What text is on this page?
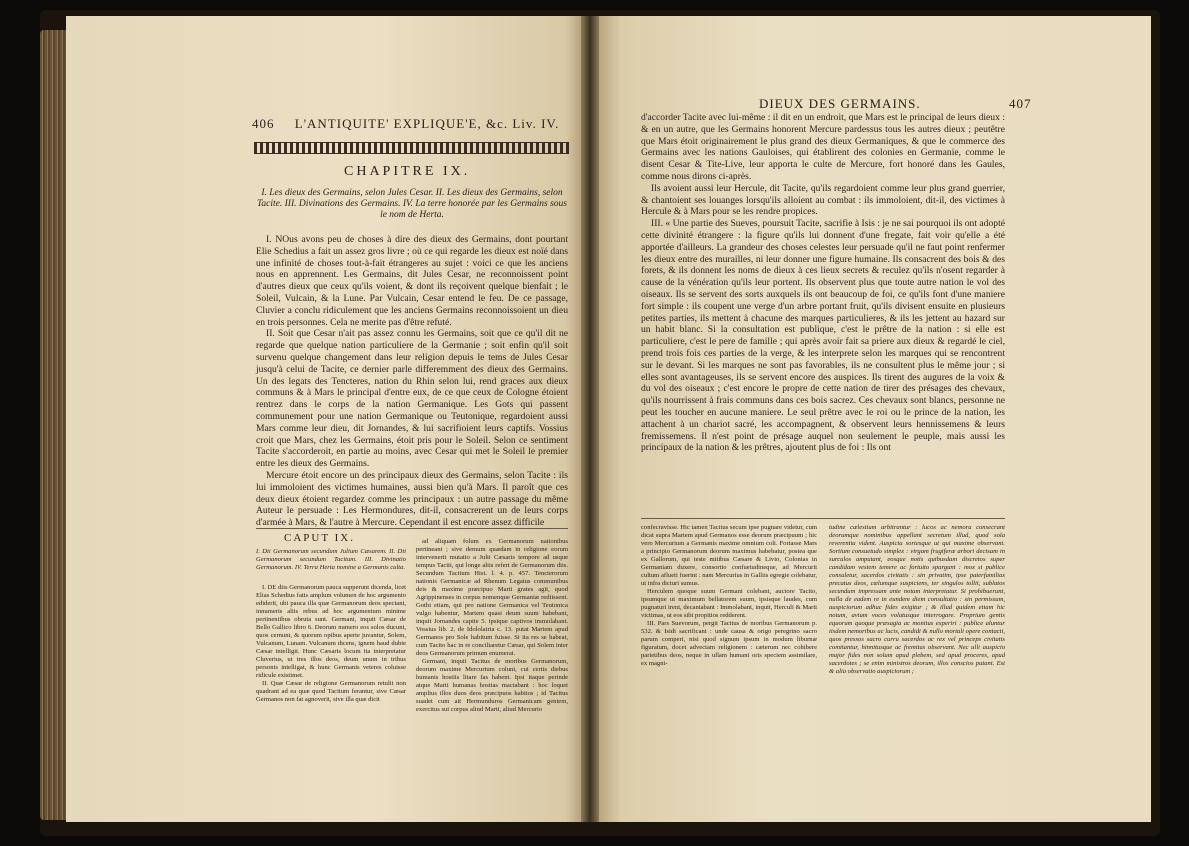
406 L'ANTIQUITE' EXPLIQUE'E, &c. Liv. IV.
CHAPITRE IX.
I. Les dieux des Germains, selon Jules Cesar. II. Les dieux des Germains, selon Tacite. III. Divinations des Germains. IV. La terre honorée par les Germains sous le nom de Herta.

I. NOus avons peu de choses à dire des dieux des Germains, dont pourtant Elie Schedius a fait un assez gros livre ; où ce qui regarde les dieux est noïé dans une infinité de choses tout-à-fait étrangeres au sujet : voici ce que les anciens nous en apprennent. Les Germains, dit Jules Cesar, ne reconnoissent point d'autres dieux que ceux qu'ils voient, & dont ils reçoivent quelque bienfait ; le Soleil, Vulcain, & la Lune. Par Vulcain, Cesar entend le feu. De ce passage, Cluvier a conclu ridiculement que les anciens Germains reconnoissoient un dieu en trois personnes. Cela ne merite pas d'être refuté.

II. Soit que Cesar n'ait pas assez connu les Germains, soit que ce qu'il dit ne regarde que quelque nation particuliere de la Germanie ; soit enfin qu'il soit survenu quelque changement dans leur religion depuis le tems de Jules Cesar jusqu'à celui de Tacite, ce dernier parle differemment des dieux des Germains. Un des legats des Tencteres, nation du Rhin selon lui, rend graces aux dieux communs & à Mars le principal d'entre eux, de ce que ceux de Cologne étoient rentrez dans le corps de la nation Germanique. Les Gots qui passent communement pour une nation Germanique ou Teutonique, regardoient aussi Mars comme leur dieu, dit Jornandes, & lui sacrifioient leurs captifs. Vossius croit que Mars, chez les Germains, étoit pris pour le Soleil. Selon ce sentiment Tacite s'accorderoit, en partie au moins, avec Cesar qui met le Soleil le premier entre les dieux des Germains.

Mercure étoit encore un des principaux dieux des Germains, selon Tacite : ils lui immoloient des victimes humaines, aussi bien qu'à Mars. Il paroît que ces deux dieux étoient regardez comme les principaux : un autre passage du même Auteur le persuade : Les Hermondures, dit-il, consacrerent un de leurs corps d'armée à Mars, & l'autre à Mercure. Cependant il est encore assez difficile

CAPUT IX.
I. Dii Germanorum secundum Julium Cæsarem. II. Dii Germanorum secundum Tacitum. III. Divinatio Germanorum. IV. Terra Herta nomine a Germanis culta.

I. DE diis Germanorum pauca supperunt dicenda, licet Elias Schedius fatis amplum volumen de hoc argumento ediderit, ubi pauca illa quæ Germanorum deos spectant, innumeris aliis rebus ad hoc argumentum minime pertinentibus obruta sunt. Germani, inquit Cæsar de Bello Gallico libro 6. Deorum numero eos solos ducunt, quos cernunt, & quorum opibus aperte juvantur, Solem, Vulcanum, Lunam. Vulcanum dicens, ignem haud dubie Cæsar intelligit. Hunc Cæsaris locum ita interpretatur Cluverius, ut tres illos deos, deum unum in tribus personis intelligat, & hunc Germanis veteres coluisse ridicule existimet.

II. Quæ Cæsar de religione Germanorum retulit non quadrant ad ea quæ quod Tacitum ferantur, sive Cæsar Germanos non fat agnoverit, sive illa quæ dicit

ad aliquam folum ex Germanorum nationibus pertineant ; sive demum quædam in religione eorum intervenerit mutatio a Julii Cæsaris tempore ad usque tempus Taciti, qui longe aliis refert de Germanorum diis. Secundum Tacitum Hist. l. 4. p. 457. Tencterorum nationis Germanicæ ad Rhenum Legatus communibus deis & maxime præcipuo Marti grates agit, quod Agrippinenses in corpus nomenque Germaniæ rediissent. Gothi etiam, qui pro natione Germanica vel Teutonica vulgo habentur, Martem quasi deum suum habebant, inquit Jornandes capite 5. ipsique captivos immolabant. Vossius lib. 2. de Idololatria c. 13. putat Martem apud Germanos pro Sole habitum fuisse. Si ita res se habeat, cum Tacito hac in re conciliaretur Cæsar, qui Solem inter deos Germanorum primum enumerat.

Germani, inquit Tacitus de moribus Germanorum, deorum maxime Mercurium colunt, cui certis diebus humanis hostiis litare fas habent. Ipsi itaque perinde atque Marti humanas hostias mactabant : hoc loquet amplius illos duos deos præcipuos habitos ; id Tacitus suadet cum ait Hermunduros Germanicam gentem, exercitus sui corpus alind Marti, aliud Mercurio

DIEUX DES GERMAINS.	407

d'accorder Tacite avec lui-même : il dit en un endroit, que Mars est le principal de leurs dieux : & en un autre, que les Germains honorent Mercure pardessus tous les autres dieux ; peutêtre que Mars étoit originairement le plus grand des dieux Germaniques, & que le commerce des Germains avec les nations Gauloises, qui établirent des colonies en Germanie, comme le disent Cesar & Tite-Live, leur apporta le culte de Mercure, fort honoré dans les Gaules, comme nous dirons ci-après.

Ils avoient aussi leur Hercule, dit Tacite, qu'ils regardoient comme leur plus grand guerrier, & chantoient ses louanges lorsqu'ils alloient au combat : ils immoloient, dit-il, des victimes à Hercule & à Mars pour se les rendre propices.

III. « Une partie des Sueves, poursuit Tacite, sacrifie à Isis : je ne sai pourquoi ils ont adopté cette divinité étrangere : la figure qu'ils lui donnent d'une fregate, fait voir qu'elle a été apportée d'ailleurs. La grandeur des choses celestes leur persuade qu'il ne faut point renfermer les dieux entre des murailles, ni leur donner une figure humaine. Ils consacrent des bois & des forets, & ils donnent les noms de dieux à ces lieux secrets & reculez qu'ils n'osent regarder à cause de la vénération qu'ils leur portent. Ils observent plus que toute autre nation le vol des oiseaux. Ils se servent des sorts auxquels ils ont beaucoup de foi, ce qu'ils font d'une maniere fort simple : ils coupent une verge d'un arbre portant fruit, qu'ils divisent ensuite en plusieurs petites parties, ils mettent à chacune des marques particulieres, & ils les jettent au hazard sur un habit blanc. Si la consultation est publique, c'est le prêtre de la nation : si elle est particuliere, c'est le pere de famille ; qui après avoir fait sa priere aux dieux & regardé le ciel, prend trois fois ces parties de la verge, & les interprete selon les marques qui se rencontrent sur le devant. Si les marques ne sont pas favorables, ils ne consultent plus le même jour ; si elles sont avantageuses, ils se servent encore des auspices. Ils tirent des augures de la voix & du vol des oiseaux ; c'est encore le propre de cette nation de tirer des présages des chevaux, qu'ils nourrissent à frais communs dans ces bois sacrez. Ces chevaux sont blancs, personne ne peut les toucher en aucune maniere. Le seul prêtre avec le roi ou le prince de la nation, les attachent à un chariot sacré, les accompagnent, & observent leurs hennissemens & leurs fremissemens. Il n'est point de présage auquel non seulement le peuple, mais aussi les principaux de la nation & les prêtres, ajoutent plus de foi : Ils ont

confecravisse. Hic tamen Tacitus secum ipse pugnare videtur, cum dicat supra Martem apud Germanos esse deorum præcipuum ; hic vero Mercurium a Germanis maxime omnium coli. Fortasse Mars a principio Germanorum deorum maximus habebatur, postea que ex Gallorum, qui teste mitibus Cæsare & Livio, Colonias in Germaniam duxere, consortio confuetudineque, ad Mercurii cultum aflueti fuerint : nam Mercurius in Galliis egregie colebatur, ut infra dicturi sumus.

Herculem quoque suum Germani colebant, auctore Tacito, ipsumque ut maximum bellatorem suum, ipsisque laudes, cum pugnaturi irent, decantabant : Immolabant, inquit, Herculi & Marti victimas, ut eos sibi propitios redderent.

III. Pars Suevorum, pergit Tacitus de moribus Germanorum p. 532. & Isidi sacrificant : unde causa & origo peregrino sacro parum comperi, nisi quod signum ipsum in modum liburnæ figuratum, docet advectam religionem : cæterum nec cohibere parietibus deos, neque in ullam humani oris speciem assimilare, ex magni-

tudine cælestium arbitrantur : lucos ac nemora consecrant deorumque nominibus appellant secretum illud, quod sola reverentia vident. Auspicia sortesque ut qui maxime observant. Sortium consuetudo simplex : virgam frugiferæ arbori decisam in surculos amputant, eosque notis quibusdam discretos super candidam vestem temere ac fortuito spargunt : mox si publice consuletur, sacerdos civitatis : sin privatim, ipse paterfamilias precatus deos, cælumque suspiciens, ter singulos tollit, sublatos secundum impressam ante notam interpretatur. Si prohibuerunt, nulla de eadem re in eundem diem consultatio : sin permissum, auspiciorum adhuc fides exigitur ; & illud quidem etiam hic notum, avium voces volatusque interrogare. Proprium gentis equorum quoque præsagia ac monitus experiri : publice aluntur iisdem nemoribus ac lucis, candidi & nullo mortali opere contacti, quos pressos sacro curru sacerdos ac rex vel princeps civitatis comitantur, hinnitusque ac fremitus observant. Nec ulli auspicio major fides non solum apud plebem, sed apud proceres, apud sacerdotes ; se enim ministros deorum, illos conscios putant. Est & alia observatio auspiciorum ;
